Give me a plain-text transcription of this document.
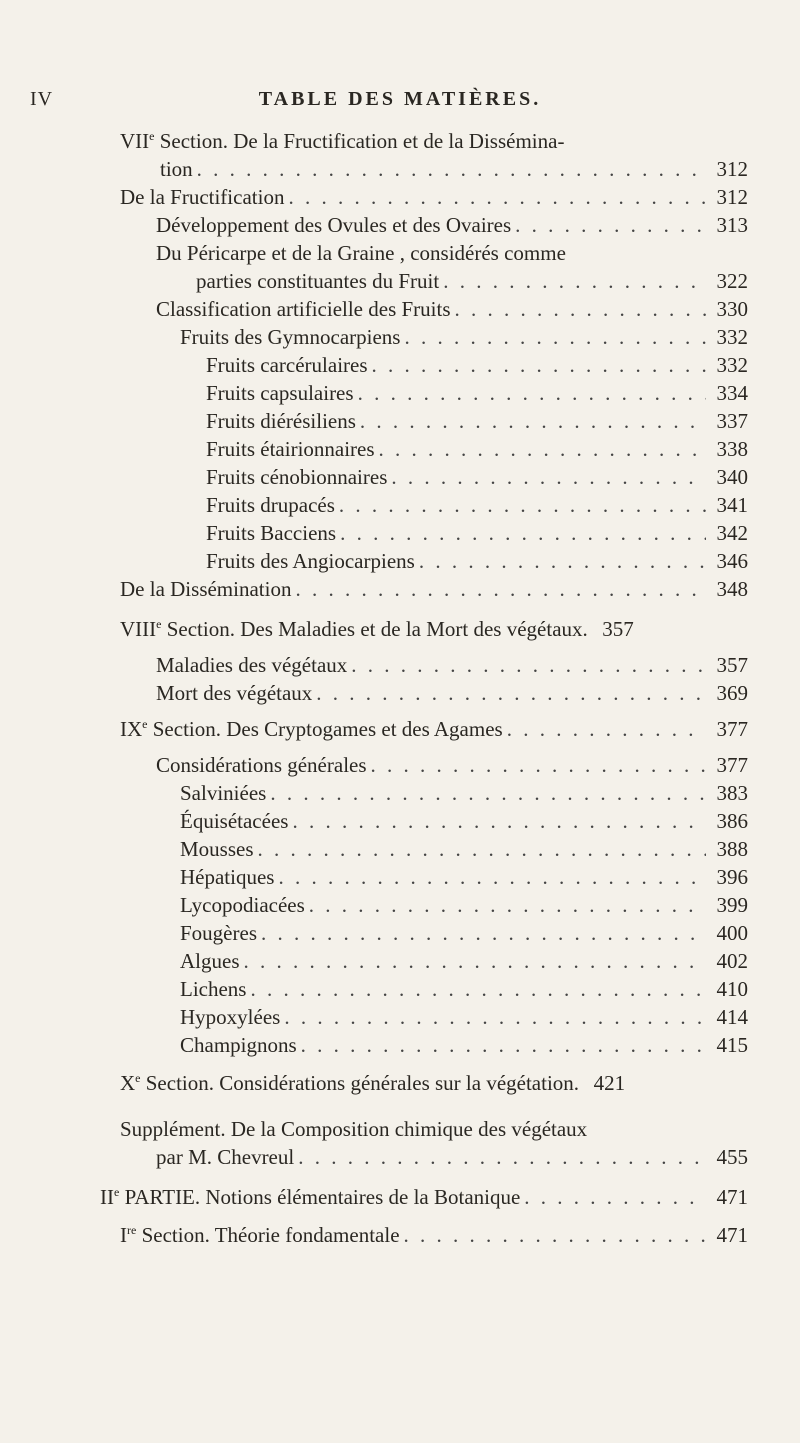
IV	TABLE DES MATIÈRES.
VIIe Section. De la Fructification et de la Dissémina-
tion . . .	312
De la Fructification . . .	312
Développement des Ovules et des Ovaires . . .	313
Du Péricarpe et de la Graine , considérés comme
parties constituantes du Fruit . . .	322
Classification artificielle des Fruits . . .	330
Fruits des Gymnocarpiens . . .	332
Fruits carcérulaires . . .	332
Fruits capsulaires . . .	334
Fruits diérésiliens . . .	337
Fruits étairionnaires . . .	338
Fruits cénobionnaires . . .	340
Fruits drupacés . . .	341
Fruits Bacciens . . .	342
Fruits des Angiocarpiens . . .	346
De la Dissémination . . .	348
VIIIe Section. Des Maladies et de la Mort des végétaux. 357
Maladies des végétaux . . .	357
Mort des végétaux . . .	369
IXe Section. Des Cryptogames et des Agames . . .	377
Considérations générales . . .	377
Salviniées . . .	383
Équisétacées . . .	386
Mousses . . .	388
Hépatiques . . .	396
Lycopodiacées . . .	399
Fougères . . .	400
Algues . . .	402
Lichens . . .	410
Hypoxylées . . .	414
Champignons . . .	415
Xe Section. Considérations générales sur la végétation. 421
Supplément. De la Composition chimique des végétaux
par M. Chevreul . . .	455
IIe PARTIE. Notions élémentaires de la Botanique . . .	471
Ire Section. Théorie fondamentale . . .	471
